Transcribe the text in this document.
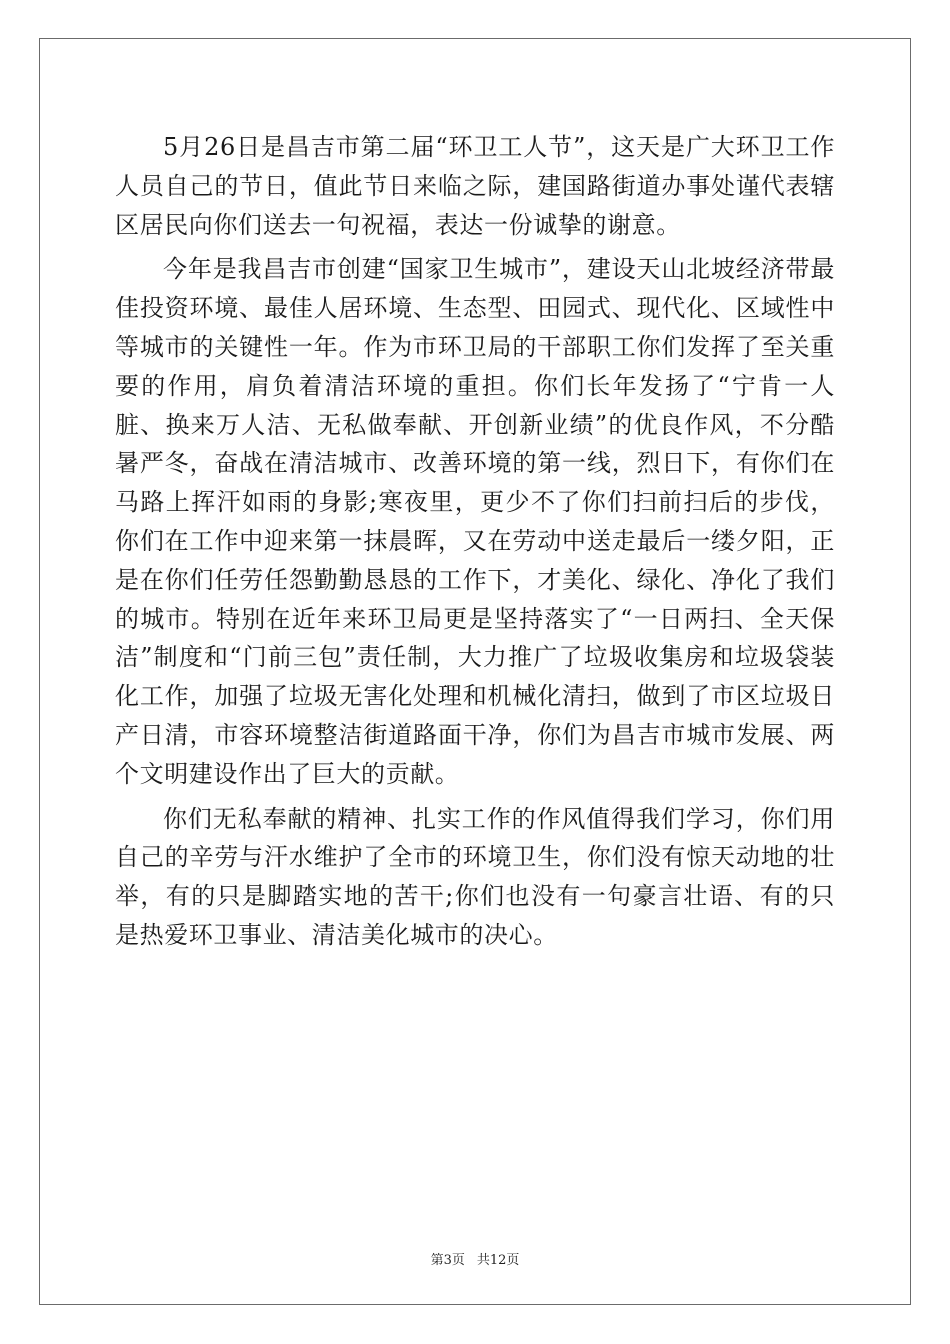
5月26日是昌吉市第二届“环卫工人节”，这天是广大环卫工作人员自己的节日，值此节日来临之际，建国路街道办事处谨代表辖区居民向你们送去一句祝福，表达一份诚挚的谢意。

今年是我昌吉市创建“国家卫生城市”，建设天山北坡经济带最佳投资环境、最佳人居环境、生态型、田园式、现代化、区域性中等城市的关键性一年。作为市环卫局的干部职工你们发挥了至关重要的作用，肩负着清洁环境的重担。你们长年发扬了“宁肯一人脏、换来万人洁、无私做奉献、开创新业绩”的优良作风，不分酷暑严冬，奋战在清洁城市、改善环境的第一线，烈日下，有你们在马路上挥汗如雨的身影;寒夜里，更少不了你们扫前扫后的步伐，你们在工作中迎来第一抹晨晖，又在劳动中送走最后一缕夕阳，正是在你们任劳任怨勤勤恳恳的工作下，才美化、绿化、净化了我们的城市。特别在近年来环卫局更是坚持落实了“一日两扫、全天保洁”制度和“门前三包”责任制，大力推广了垃圾收集房和垃圾袋装化工作，加强了垃圾无害化处理和机械化清扫，做到了市区垃圾日产日清，市容环境整洁街道路面干净，你们为昌吉市城市发展、两个文明建设作出了巨大的贡献。

你们无私奉献的精神、扎实工作的作风值得我们学习，你们用自己的辛劳与汗水维护了全市的环境卫生，你们没有惊天动地的壮举，有的只是脚踏实地的苦干;你们也没有一句豪言壮语、有的只是热爱环卫事业、清洁美化城市的决心。

第3页 共12页
